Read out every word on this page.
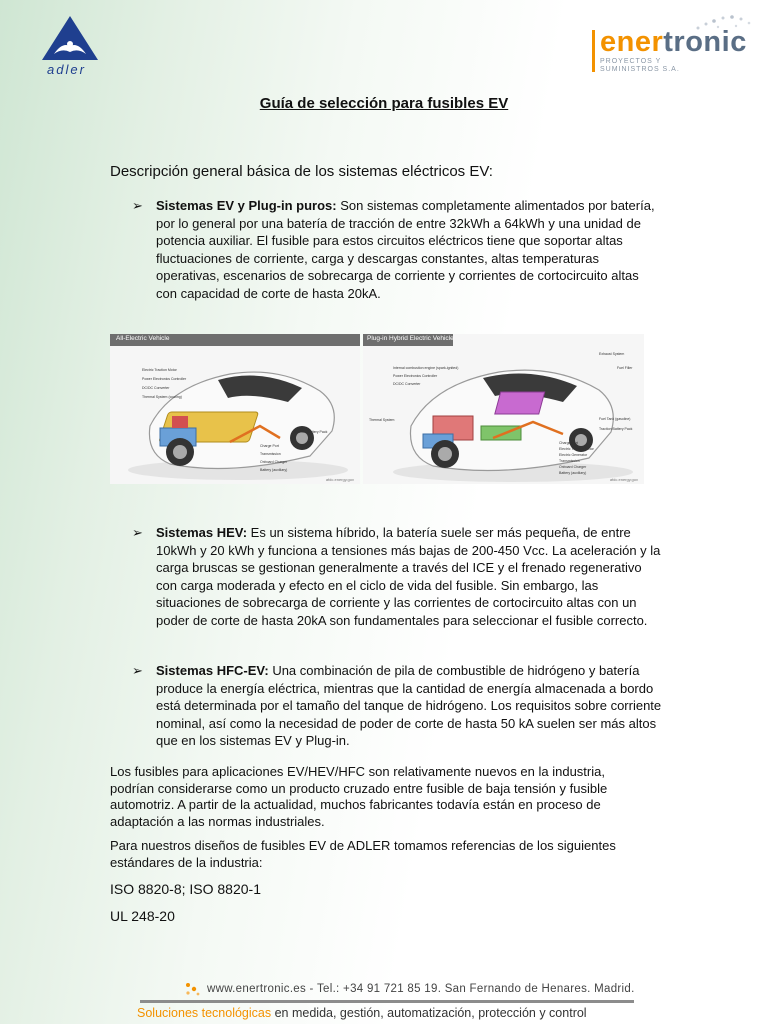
adler
enertronic
PROYECTOS Y
SUMINISTROS S.A.
Guía de selección para fusibles EV
Descripción general básica de los sistemas eléctricos EV:
➢ Sistemas EV y Plug-in puros: Son sistemas completamente alimentados por batería, por lo general por una batería de tracción de entre 32kWh a 64kWh y una unidad de potencia auxiliar. El fusible para estos circuitos eléctricos tiene que soportar altas fluctuaciones de corriente, carga y descargas constantes, altas temperaturas operativas, escenarios de sobrecarga de corriente y corrientes de cortocircuito altas con capacidad de corte de hasta 20kA.
All-Electric Vehicle
Electric Traction Motor
Power Electronics Controller
DC/DC Converter
Thermal System (cooling)
Traction Battery Pack
Charge Port
Transmission
Onboard Charger
Battery (auxiliary)
afdc.energy.gov
Plug-in Hybrid Electric Vehicle
Internal combustion engine (spark-ignited)
Power Electronics Controller
DC/DC Converter
Thermal System
Exhaust System
Fuel Filler
Fuel Tank (gasoline)
Traction Battery Pack
Charge Port
Electric Traction Motor
Electric Generator
Transmission
Onboard Charger
Battery (auxiliary)
afdc.energy.gov
➢ Sistemas HEV: Es un sistema híbrido, la batería suele ser más pequeña, de entre 10kWh y 20 kWh y funciona a tensiones más bajas de 200-450 Vcc. La aceleración y la carga bruscas se gestionan generalmente a través del ICE y el frenado regenerativo con carga moderada y efecto en el ciclo de vida del fusible. Sin embargo, las situaciones de sobrecarga de corriente y las corrientes de cortocircuito altas con un poder de corte de hasta 20kA son fundamentales para seleccionar el fusible correcto.
➢ Sistemas HFC-EV: Una combinación de pila de combustible de hidrógeno y batería produce la energía eléctrica, mientras que la cantidad de energía almacenada a bordo está determinada por el tamaño del tanque de hidrógeno. Los requisitos sobre corriente nominal, así como la necesidad de poder de corte de hasta 50 kA suelen ser más altos que en los sistemas EV y Plug-in.
Los fusibles para aplicaciones EV/HEV/HFC son relativamente nuevos en la industria, podrían considerarse como un producto cruzado entre fusible de baja tensión y fusible automotriz. A partir de la actualidad, muchos fabricantes todavía están en proceso de adaptación a las normas industriales.
Para nuestros diseños de fusibles EV de ADLER tomamos referencias de los siguientes estándares de la industria:
ISO 8820-8; ISO 8820-1
UL 248-20
www.enertronic.es - Tel.: +34 91 721 85 19. San Fernando de Henares. Madrid.
Soluciones tecnológicas en medida, gestión, automatización, protección y control
